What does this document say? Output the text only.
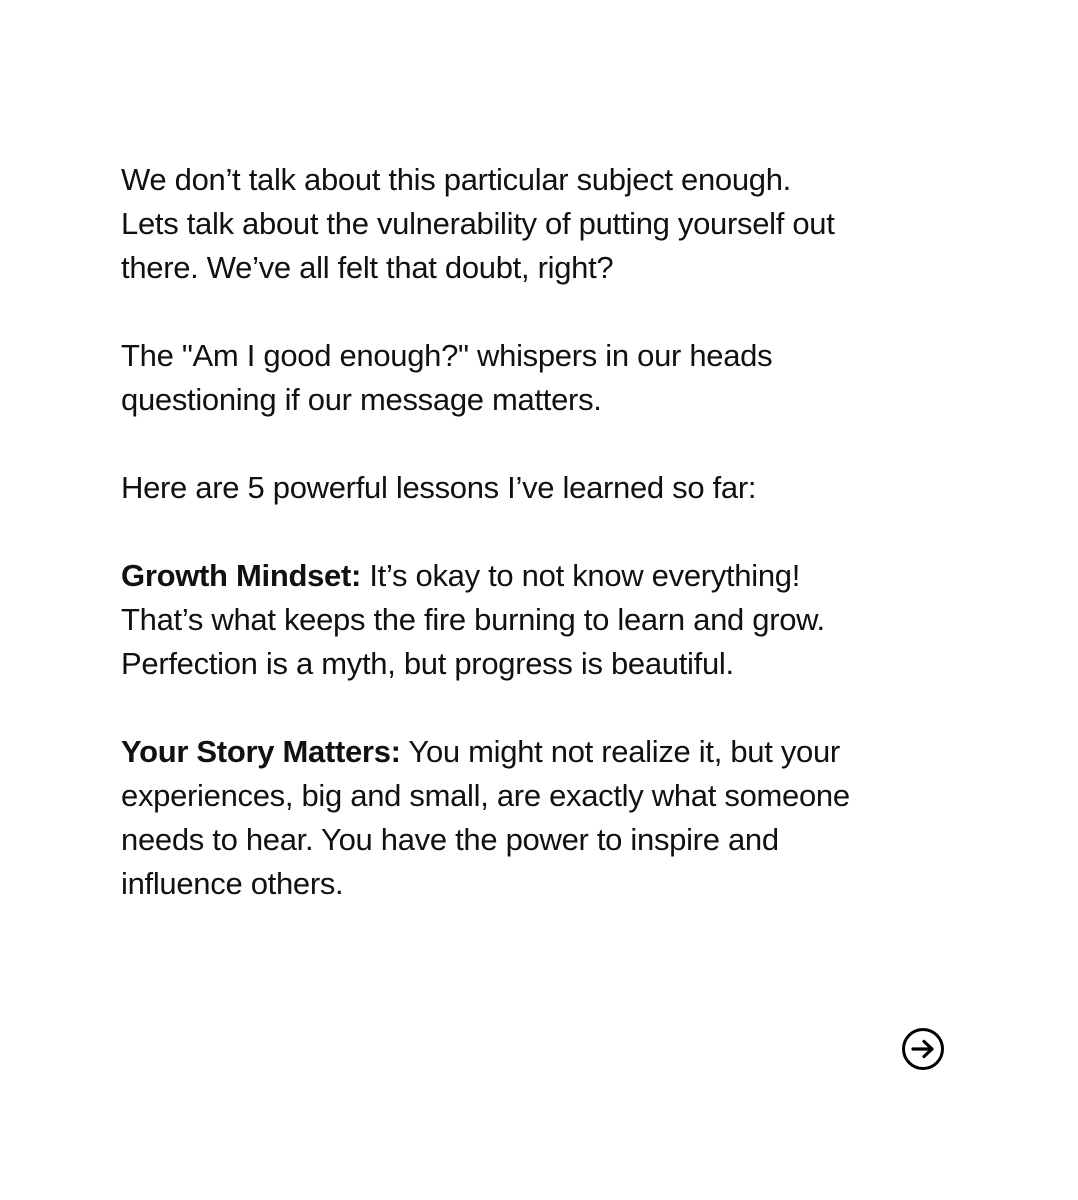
We don’t talk about this particular subject enough.
Lets talk about the vulnerability of putting yourself out
there. We’ve all felt that doubt, right?

The "Am I good enough?" whispers in our heads
questioning if our message matters.

Here are 5 powerful lessons I’ve learned so far:

Growth Mindset: It’s okay to not know everything!
That’s what keeps the fire burning to learn and grow.
Perfection is a myth, but progress is beautiful.

Your Story Matters: You might not realize it, but your
experiences, big and small, are exactly what someone
needs to hear. You have the power to inspire and
influence others.
